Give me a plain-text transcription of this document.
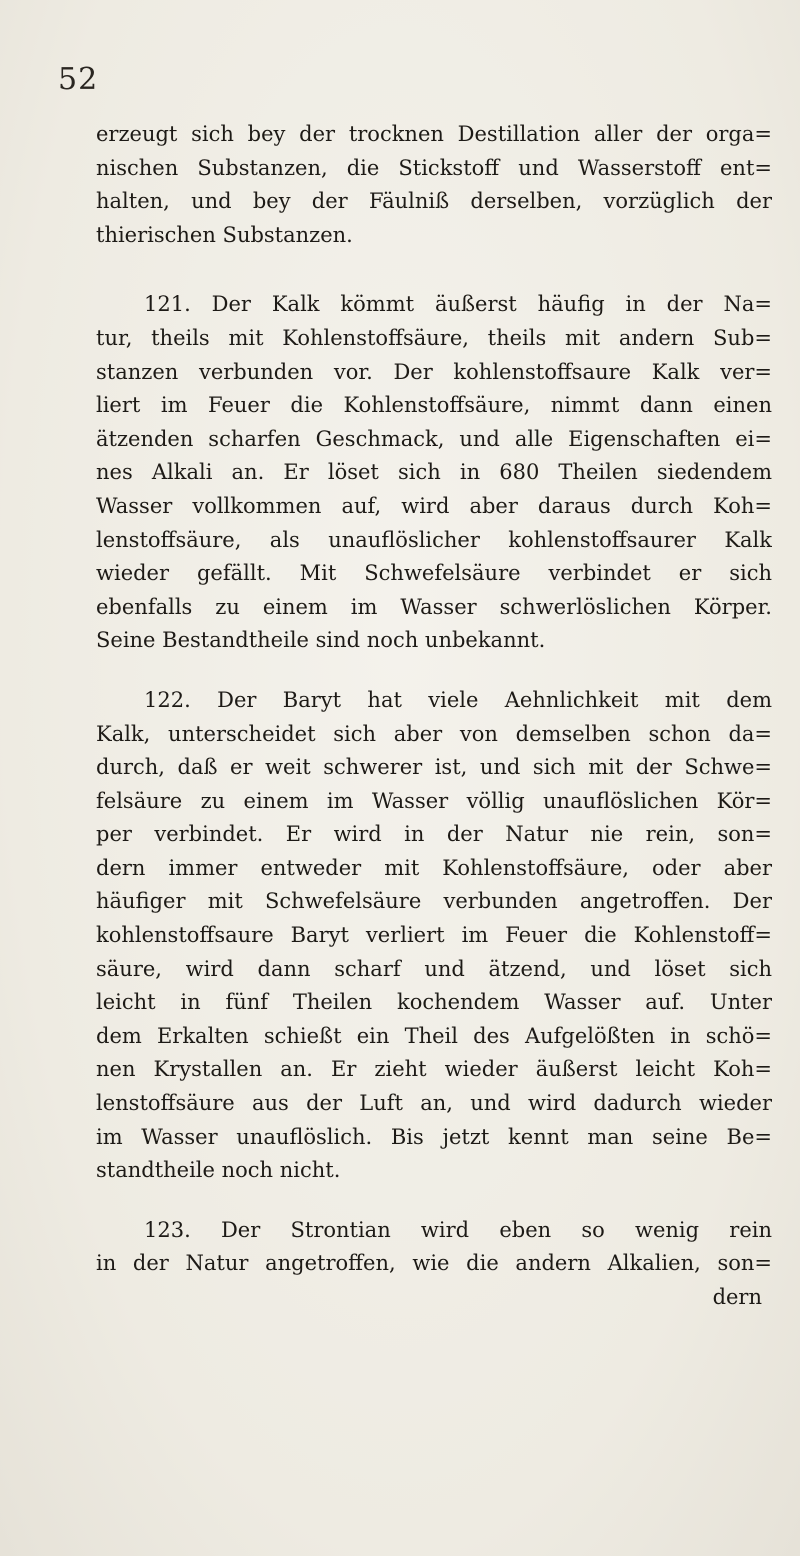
52

erzeugt sich bey der trocknen Destillation aller der orga=
nischen Substanzen, die Stickstoff und Wasserstoff ent=
halten, und bey der Fäulniß derselben, vorzüglich der
thierischen Substanzen.

121. Der Kalk kömmt äußerst häufig in der Na=
tur, theils mit Kohlenstoffsäure, theils mit andern Sub=
stanzen verbunden vor. Der kohlenstoffsaure Kalk ver=
liert im Feuer die Kohlenstoffsäure, nimmt dann einen
ätzenden scharfen Geschmack, und alle Eigenschaften ei=
nes Alkali an. Er löset sich in 680 Theilen siedendem
Wasser vollkommen auf, wird aber daraus durch Koh=
lenstoffsäure, als unauflöslicher kohlenstoffsaurer Kalk
wieder gefällt. Mit Schwefelsäure verbindet er sich
ebenfalls zu einem im Wasser schwerlöslichen Körper.
Seine Bestandtheile sind noch unbekannt.

122. Der Baryt hat viele Aehnlichkeit mit dem
Kalk, unterscheidet sich aber von demselben schon da=
durch, daß er weit schwerer ist, und sich mit der Schwe=
felsäure zu einem im Wasser völlig unauflöslichen Kör=
per verbindet. Er wird in der Natur nie rein, son=
dern immer entweder mit Kohlenstoffsäure, oder aber
häufiger mit Schwefelsäure verbunden angetroffen. Der
kohlenstoffsaure Baryt verliert im Feuer die Kohlenstoff=
säure, wird dann scharf und ätzend, und löset sich
leicht in fünf Theilen kochendem Wasser auf. Unter
dem Erkalten schießt ein Theil des Aufgelößten in schö=
nen Krystallen an. Er zieht wieder äußerst leicht Koh=
lenstoffsäure aus der Luft an, und wird dadurch wieder
im Wasser unauflöslich. Bis jetzt kennt man seine Be=
standtheile noch nicht.

123. Der Strontian wird eben so wenig rein
in der Natur angetroffen, wie die andern Alkalien, son=
dern
